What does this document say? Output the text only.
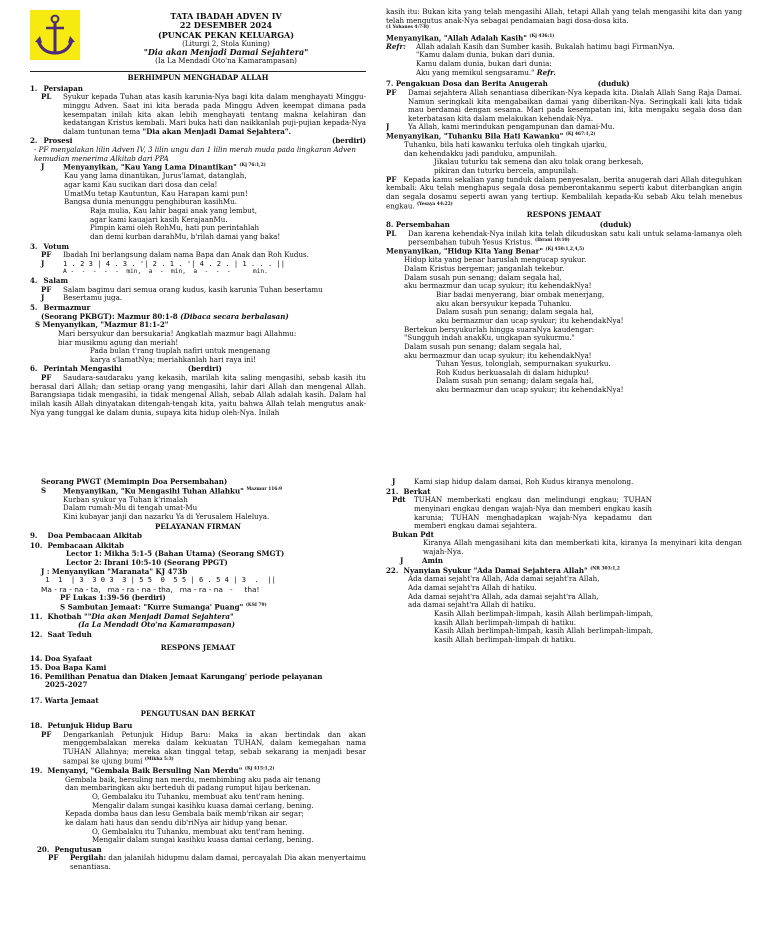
TATA IBADAH ADVEN IV
22 DESEMBER 2024
(PUNCAK PEKAN KELUARGA)
(Liturgi 2, Stola Kuning)
"Dia akan Menjadi Damai Sejahtera"
(Ia La Mendadi Oto'na Kamarampasan)
BERHIMPUN MENGHADAP ALLAH
1. Persiapan
PL	Syukur kepada Tuhan atas kasih karunia-Nya bagi kita dalam menghayati Minggu-minggu Adven. Saat ini kita berada pada Minggu Adven keempat dimana pada kesempatan inilah kita akan lebih menghayati tentang makna kelahiran dan kedatangan Kristus kembali. Mari buka hati dan naikkanlah puji-pujian kepada-Nya dalam tuntunan tema "Dia akan Menjadi Damai Sejahtera".
2. Prosesi	(berdiri)
- PF menyalakan lilin Adven IV, 3 lilin ungu dan 1 lilin merah muda pada lingkaran Adven kemudian menerima Alkitab dari PPA
J	Menyanyikan, "Kau Yang Lama Dinantikan" $^{(Kj 76:1,2)}$
Kau yang lama dinantikan, Jurus'lamat, datanglah,
agar kami Kau sucikan dari dosa dan cela!
UmatMu tetap Kautuntun, Kau Harapan kami pun!
Bangsa dunia menunggu penghiburan kasihMu.
Raja mulia, Kau lahir bagai anak yang lembut,
agar kami kauajari kasih KerajaanMu.
Pimpin kami oleh RohMu, hati pun perintahlah
dan demi kurban darahMu, b'rilah damai yang baka!
3. Votum
PF	Ibadah Ini berlangsung dalam nama Bapa dan Anak dan Roh Kudus.
J	1 . 2 3 | 4 . 3 . '| 2 . 1 . '| 4 . 2 . | 1 . . . ||
A -  -  -  -  -  min,  a  -  min,  a  -  -  -      min.
4. Salam
PF	Salam bagimu dari semua orang kudus, kasih karunia Tuhan besertamu
J	Besertamu juga.
5. Bermazmur
(Seorang PKBGT): Mazmur 80:1-8 (Dibaca secara berbalasan)
S Menyanyikan, "Mazmur 81:1-2"
Mari bersyukur dan bersukaria! Angkatlah mazmur bagi Allahmu:
biar musikmu agung dan meriah!
Pada bulan t'rang tiuplah nafiri untuk mengenang
karya s'lamatNya; meriahkanlah hari raya ini!
6. Perintah Mengasihi	(berdiri)
PF	Saudara-saudaraku yang kekasih, marilah kita saling mengasihi, sebab kasih itu berasal dari Allah; dan setiap orang yang mengasihi, lahir dari Allah dan mengenal Allah. Barangsiapa tidak mengasihi, ia tidak mengenal Allah, sebab Allah adalah kasih. Dalam hal inilah kasih Allah dinyatakan ditengah-tengah kita, yaitu bahwa Allah telah mengutus anak-Nya yang tunggal ke dalam dunia, supaya kita hidup oleh-Nya. Inilah
kasih itu: Bukan kita yang telah mengasihi Allah, tetapi Allah yang telah mengasihi kita dan yang telah mengutus anak-Nya sebagai pendamaian bagi dosa-dosa kita.
(1 Yohanes 4:7-8)
Menyanyikan, "Allah Adalah Kasih" $^{(Kj 436:1)}$
Refr:	Allah adalah Kasih dan Sumber kasih. Bukalah hatimu bagi FirmanNya.
"Kamu dalam dunia, bukan dari dunia.
Kamu dalam dunia, bukan dari dunia:
Aku yang memikul sengsaramu." Refr.
7. Pengakuan Dosa dan Berita Anugerah	(duduk)
PF	Damai sejahtera Allah senantiasa diberikan-Nya kepada kita. Dialah Allah Sang Raja Damai. Namun seringkali kita mengabaikan damai yang diberikan-Nya. Seringkali kali kita tidak mau berdamai dengan sesama. Mari pada kesempatan ini, kita mengaku segala dosa dan keterbatasan kita dalam melakukan kehendak-Nya.
J	Ya Allah, kami merindukan pengampunan dan damai-Mu.
Menyanyikan, "Tuhanku Bila Hati Kawanku" $^{(Kj 467:1,2)}$
Tuhanku, bila hati kawanku terluka oleh tingkah ujarku,
dan kehendakku jadi panduku, ampunilah.
Jikalau tuturku tak semena dan aku tolak orang berkesah,
pikiran dan tuturku bercela, ampunilah.
PF Kepada kamu sekalian yang tunduk dalam penyesalan, berita anugerah dari Allah diteguhkan kembali: Aku telah menghapus segala dosa pemberontakanmu seperti kabut diterbangkan angin dan segala dosamu seperti awan yang tertiup. Kembalilah kepada-Ku sebab Aku telah menebus engkau. $^{(Yesaya 44:22)}$
RESPONS JEMAAT
8. Persembahan	(duduk)
PL	Dan karena kehendak-Nya inilah kita telah dikuduskan satu kali untuk selama-lamanya oleh persembahan tubuh Yesus Kristus. $^{(Ibrani 10:10)}$
Menyanyikan, "Hidup Kita Yang Benar" $^{(Kj 450:1,2,4,5)}$
Hidup kita yang benar haruslah mengucap syukur.
Dalam Kristus bergemar; janganlah tekebur.
Dalam susah pun senang; dalam segala hal,
aku bermazmur dan ucap syukur; itu kehendakNya!
Biar badai menyerang, biar ombak menerjang,
aku akan bersyukur kepada Tuhanku.
Dalam susah pun senang; dalam segala hal,
aku bermazmur dan ucap syukur; itu kehendakNya!
Bertekun bersyukurlah hingga suaraNya kaudengar:
"Sungguh indah anakKu, ungkapan syukurmu."
Dalam susah pun senang; dalam segala hal,
aku bermazmur dan ucap syukur; itu kehendakNya!
Tuhan Yesus, tolonglah, sempurnakan syukurku.
Roh Kudus berkuasalah di dalam hidupku!
Dalam susah pun senang; dalam segala hal,
aku bermazmur dan ucap syukur; itu kehendakNya!
Seorang PWGT (Memimpin Doa Persembahan)
S	Menyanyikan, "Ku Mengasihi Tuhan Allahku" $^{Mazmur 116:9}$
Kurban syukur ya Tuhan k'rimalah
Dalam rumah-Mu di tengah umat-Mu
Kini kubayar janji dan nazarku Ya di Yerusalem Haleluya.
PELAYANAN FIRMAN
9. Doa Pembacaan Alkitab
10. Pembacaan Alkitab
Lector 1: Mikha 5:1-5 (Bahan Utama) (Seorang SMGT)
Lector 2: Ibrani 10:5-10 (Seorang PPGT)
J : Menyanyikan "Maranata" KJ 473b
1  1  | 3  3 0 3  3 | 5 5  0  5 5 | 6 . 5 4 | 3  .  ||
Ma - ra - na - ta,   ma - ra - na - tha,   ma - ra - na   -     tha!
PF Lukas 1:39-56 (berdiri)
S Sambutan Jemaat: "Kurre Sumanga' Puang" $^{(KSI 79)}$
11. Khotbah ""Dia akan Menjadi Damai Sejahtera"
(Ia La Mendadi Oto'na Kamarampasan)
12. Saat Teduh
RESPONS JEMAAT
14. Doa Syafaat
15. Doa Bapa Kami
16. Pemilihan Penatua dan Diaken Jemaat Karungang' periode pelayanan
2025-2027
17. Warta Jemaat
PENGUTUSAN DAN BERKAT
18. Petunjuk Hidup Baru
PF	Dengarkanlah Petunjuk Hidup Baru: Maka ia akan bertindak dan akan menggembalakan mereka dalam kekuatan TUHAN, dalam kemegahan nama TUHAN Allahnya; mereka akan tinggal tetap, sebab sekarang ia menjadi besar sampai ke ujung bumi $^{(Mikha 5:3)}$
19. Menyanyi, "Gembala Baik Bersuling Nan Merdu" $^{(Kj 415:1,2)}$
Gembala baik, bersuling nan merdu, membimbing aku pada air tenang
dan membaringkan aku berteduh di padang rumput hijau berkenan.
O, Gembalaku itu Tuhanku, membuat aku tent'ram hening.
Mengalir dalam sungai kasihku kuasa damai cerlang, bening.
Kepada domba haus dan lesu Gembala baik memb'rikan air segar;
ke dalam hati haus dan sendu dib'riNya air hidup yang benar.
O, Gembalaku itu Tuhanku, membuat aku tent'ram hening.
Mengalir dalam sungai kasihku kuasa damai cerlang, bening.
20. Pengutusan
PF	Pergilah: dan jalanilah hidupmu dalam damai, percayalah Dia akan menyertaimu senantiasa.
J	Kami siap hidup dalam damai, Roh Kudus kiranya menolong.
21. Berkat
Pdt	TUHAN memberkati engkau dan melindungi engkau; TUHAN menyinari engkau dengan wajah-Nya dan memberi engkau kasih karunia; TUHAN menghadapkan wajah-Nya kepadamu dan memberi engkau damai sejahtera.
Bukan Pdt
Kiranya Allah mengasihani kita dan memberkati kita, kiranya Ia menyinari kita dengan wajah-Nya.
J	Amin
22. Nyanyian Syukur "Ada Damai Sejahtera Allah" $^{(NR 303:1,2}$
Ada damai sejaht'ra Allah, Ada damai sejaht'ra Allah,
Ada damai sejaht'ra Allah di hatiku.
Ada damai sejaht'ra Allah, ada damai sejaht'ra Allah,
ada damai sejaht'ra Allah di hatiku.
Kasih Allah berlimpah-limpah, kasih Allah berlimpah-limpah,
kasih Allah berlimpah-limpah di hatiku.
Kasih Allah berlimpah-limpah, kasih Allah berlimpah-limpah,
kasih Allah berlimpah-limpah di hatiku.
